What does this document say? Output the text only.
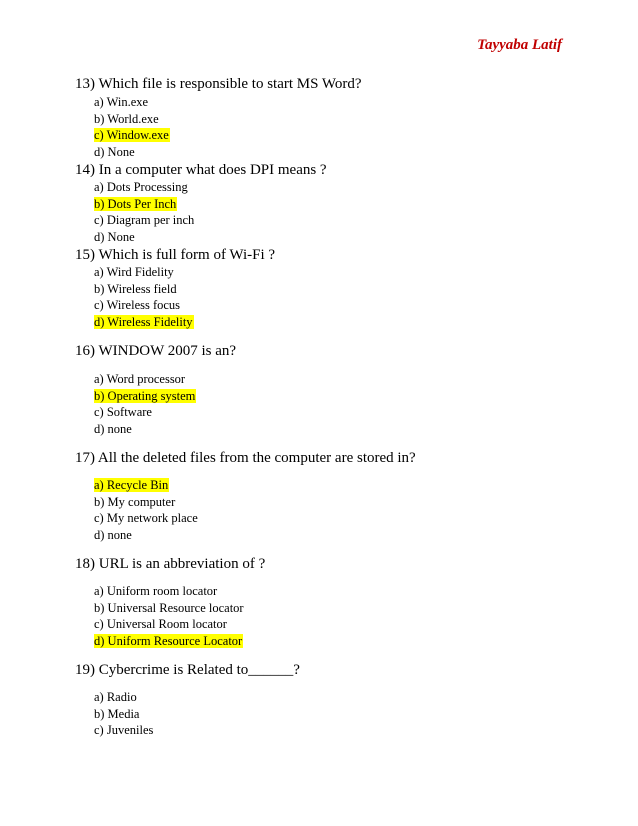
Tayyaba Latif

13) Which file is responsible to start MS Word?

a) Win.exe
b) World.exe
c) Window.exe
d) None

14) In a computer what does DPI means ?

a) Dots Processing
b) Dots Per Inch
c) Diagram per inch
d) None

15) Which is full form of Wi-Fi ?

a) Wird Fidelity
b) Wireless field
c) Wireless focus
d) Wireless Fidelity

16) WINDOW 2007 is an?

a) Word processor
b) Operating system
c) Software
d) none

17) All the deleted files from the computer are stored in?

a) Recycle Bin
b) My computer
c) My network place
d) none

18) URL is an abbreviation of ?

a) Uniform room locator
b) Universal Resource locator
c) Universal Room locator
d) Uniform Resource Locator

19) Cybercrime is Related to______?

a) Radio
b) Media
c) Juveniles
